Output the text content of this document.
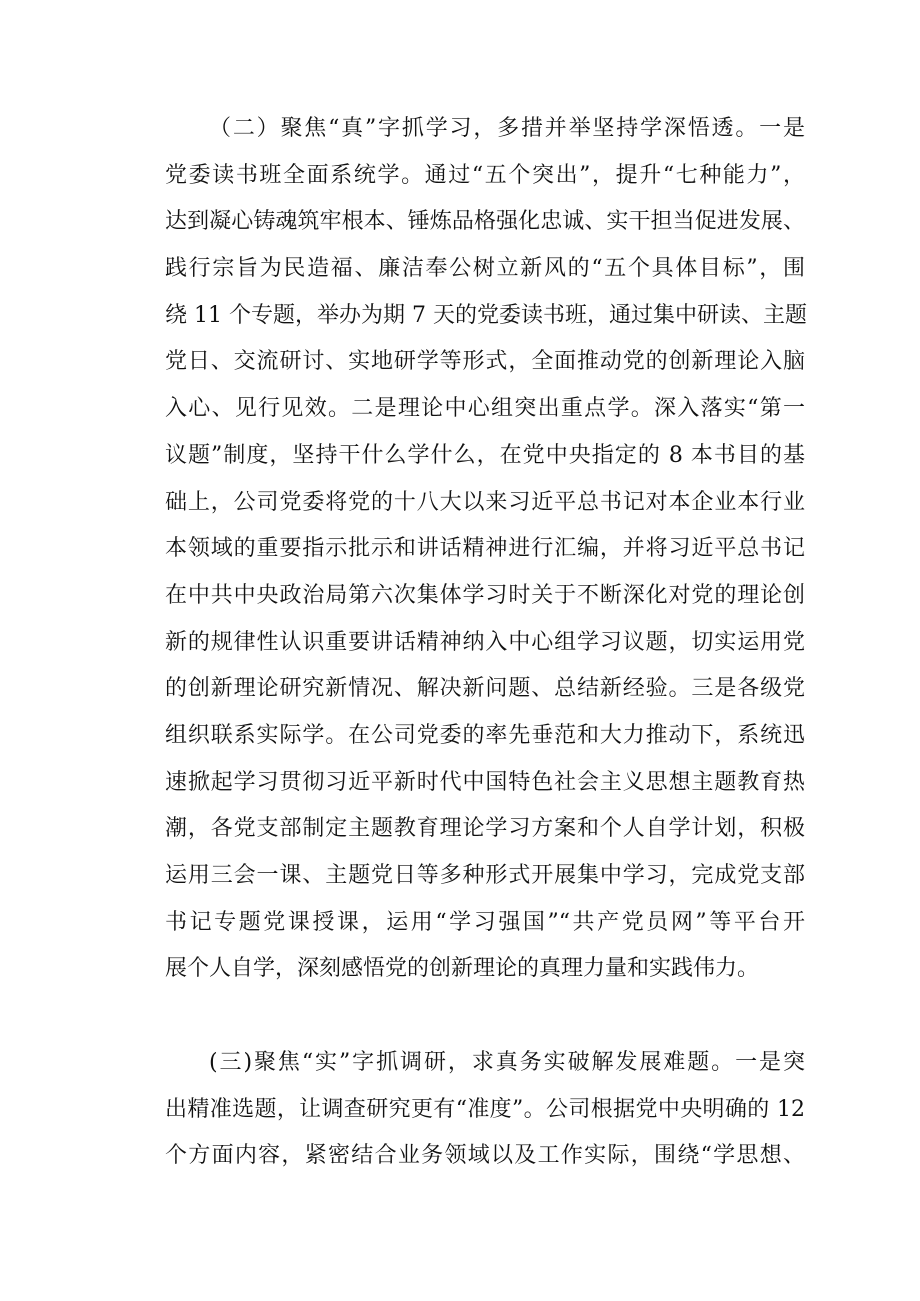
（二）聚焦“真”字抓学习，多措并举坚持学深悟透。一是
党委读书班全面系统学。通过“五个突出”，提升“七种能力”，
达到凝心铸魂筑牢根本、锤炼品格强化忠诚、实干担当促进发展、
践行宗旨为民造福、廉洁奉公树立新风的“五个具体目标”，围
绕 11 个专题，举办为期 7 天的党委读书班，通过集中研读、主题
党日、交流研讨、实地研学等形式，全面推动党的创新理论入脑
入心、见行见效。二是理论中心组突出重点学。深入落实“第一
议题”制度，坚持干什么学什么，在党中央指定的 8 本书目的基
础上，公司党委将党的十八大以来习近平总书记对本企业本行业
本领域的重要指示批示和讲话精神进行汇编，并将习近平总书记
在中共中央政治局第六次集体学习时关于不断深化对党的理论创
新的规律性认识重要讲话精神纳入中心组学习议题，切实运用党
的创新理论研究新情况、解决新问题、总结新经验。三是各级党
组织联系实际学。在公司党委的率先垂范和大力推动下，系统迅
速掀起学习贯彻习近平新时代中国特色社会主义思想主题教育热
潮，各党支部制定主题教育理论学习方案和个人自学计划，积极
运用三会一课、主题党日等多种形式开展集中学习，完成党支部
书记专题党课授课，运用“学习强国”“共产党员网”等平台开
展个人自学，深刻感悟党的创新理论的真理力量和实践伟力。
(三)聚焦“实”字抓调研，求真务实破解发展难题。一是突
出精准选题，让调查研究更有“准度”。公司根据党中央明确的 12
个方面内容，紧密结合业务领域以及工作实际，围绕“学思想、
